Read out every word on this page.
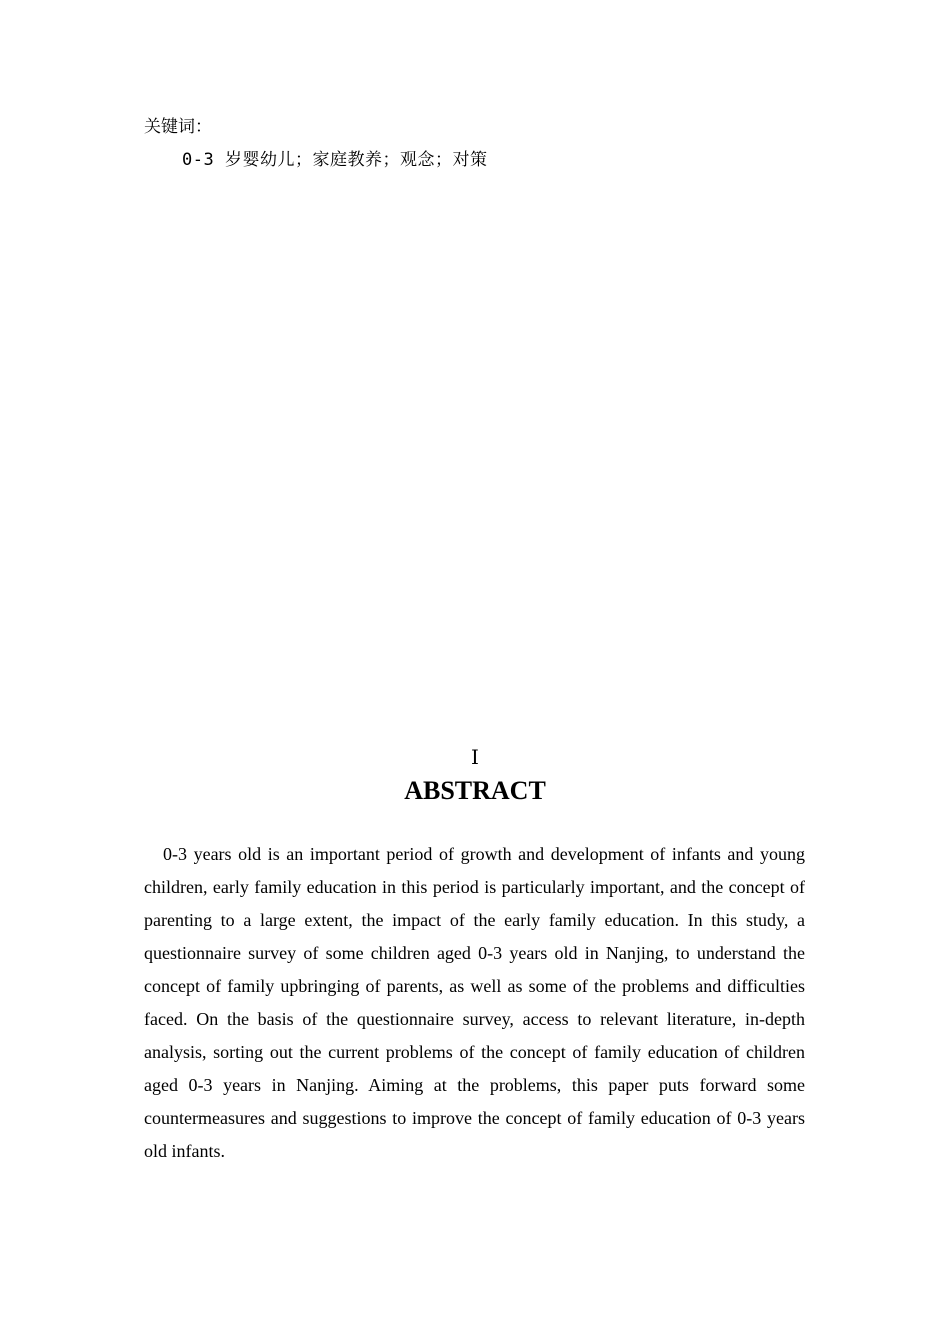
关键词：
0-3 岁婴幼儿；家庭教养；观念；对策
I
ABSTRACT

0-3 years old is an important period of growth and development of infants and young children, early family education in this period is particularly important, and the concept of parenting to a large extent, the impact of the early family education. In this study, a questionnaire survey of some children aged 0-3 years old in Nanjing, to understand the concept of family upbringing of parents, as well as some of the problems and difficulties faced. On the basis of the questionnaire survey, access to relevant literature, in-depth analysis, sorting out the current problems of the concept of family education of children aged 0-3 years in Nanjing. Aiming at the problems, this paper puts forward some countermeasures and suggestions to improve the concept of family education of 0-3 years old infants.
